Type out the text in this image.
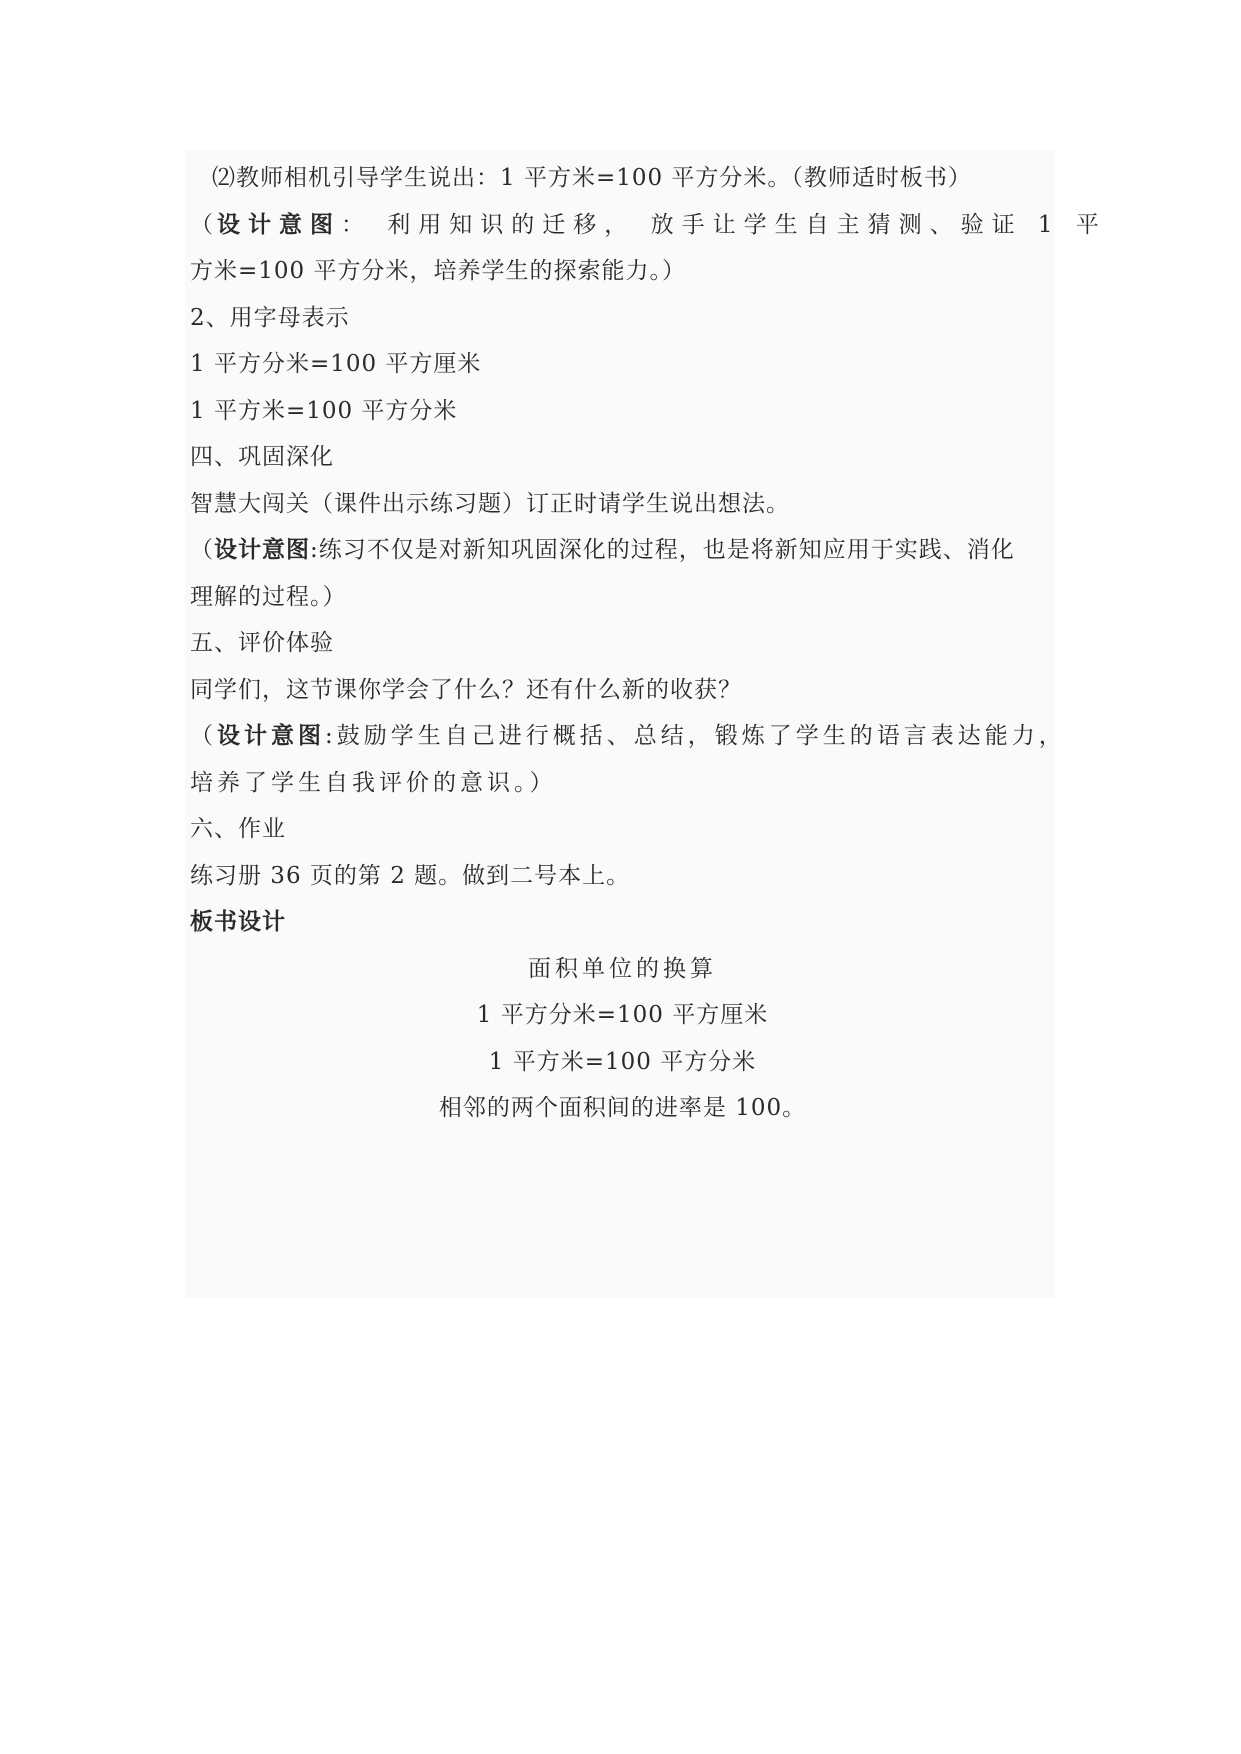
⑵教师相机引导学生说出：1 平方米=100 平方分米。（教师适时板书）
（设计意图： 利用知识的迁移， 放手让学生自主猜测、验证 1 平
方米=100 平方分米，培养学生的探索能力。）
2、用字母表示
1 平方分米=100 平方厘米
1 平方米=100 平方分米
四、巩固深化
智慧大闯关（课件出示练习题）订正时请学生说出想法。
（设计意图:练习不仅是对新知巩固深化的过程，也是将新知应用于实践、消化
理解的过程。）
五、评价体验
同学们，这节课你学会了什么？还有什么新的收获？
（设计意图:鼓励学生自己进行概括、总结，锻炼了学生的语言表达能力，
培养了学生自我评价的意识。）
六、作业
练习册 36 页的第 2 题。做到二号本上。
板书设计
面积单位的换算
1 平方分米=100 平方厘米
1 平方米=100 平方分米
相邻的两个面积间的进率是 100。
